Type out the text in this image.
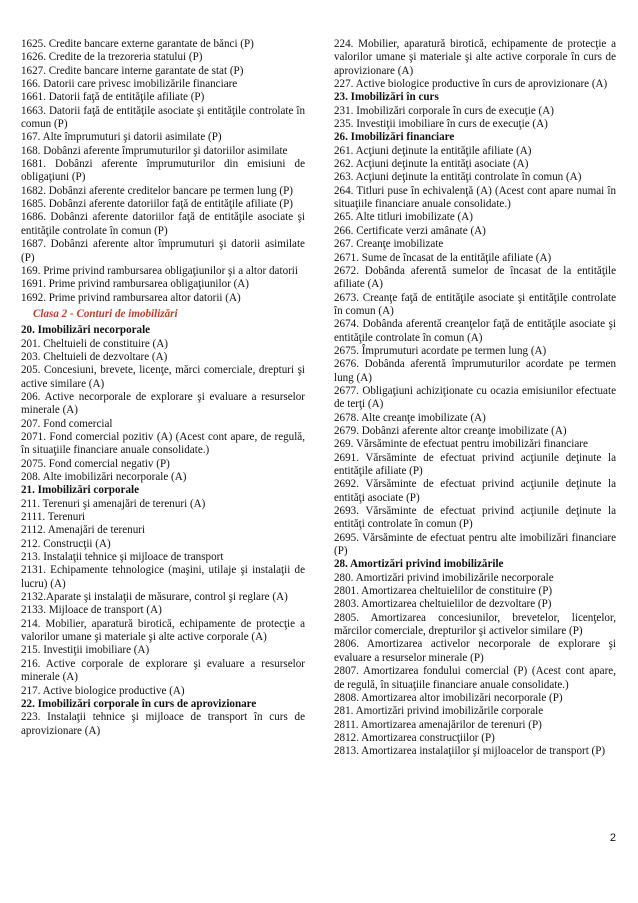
1625. Credite bancare externe garantate de bănci (P)
1626. Credite de la trezoreria statului (P)
1627. Credite bancare interne garantate de stat (P)
166. Datorii care privesc imobilizările financiare
1661. Datorii faţă de entităţile afiliate (P)
1663. Datorii faţă de entităţile asociate şi entităţile controlate în comun (P)
167. Alte împrumuturi şi datorii asimilate (P)
168. Dobânzi aferente împrumuturilor şi datoriilor asimilate
1681. Dobânzi aferente împrumuturilor din emisiuni de obligaţiuni (P)
1682. Dobânzi aferente creditelor bancare pe termen lung (P)
1685. Dobânzi aferente datoriilor faţă de entităţile afiliate (P)
1686. Dobânzi aferente datoriilor faţă de entităţile asociate şi entităţile controlate în comun (P)
1687. Dobânzi aferente altor împrumuturi şi datorii asimilate (P)
169. Prime privind rambursarea obligaţiunilor şi a altor datorii
1691. Prime privind rambursarea obligaţiunilor (A)
1692. Prime privind rambursarea altor datorii (A)
Clasa 2 - Conturi de imobilizări
20. Imobilizări necorporale
201. Cheltuieli de constituire (A)
203. Cheltuieli de dezvoltare (A)
205. Concesiuni, brevete, licenţe, mărci comerciale, drepturi şi active similare (A)
206. Active necorporale de explorare şi evaluare a resurselor minerale (A)
207. Fond comercial
2071. Fond comercial pozitiv (A) (Acest cont apare, de regulă, în situaţiile financiare anuale consolidate.)
2075. Fond comercial negativ (P)
208. Alte imobilizări necorporale (A)
21. Imobilizări corporale
211. Terenuri şi amenajări de terenuri (A)
2111. Terenuri
2112. Amenajări de terenuri
212. Construcţii (A)
213. Instalaţii tehnice şi mijloace de transport
2131. Echipamente tehnologice (maşini, utilaje şi instalaţii de lucru) (A)
2132.Aparate şi instalaţii de măsurare, control şi reglare (A)
2133. Mijloace de transport (A)
214. Mobilier, aparatură birotică, echipamente de protecţie a valorilor umane şi materiale şi alte active corporale (A)
215. Investiţii imobiliare (A)
216. Active corporale de explorare şi evaluare a resurselor minerale (A)
217. Active biologice productive (A)
22. Imobilizări corporale în curs de aprovizionare
223. Instalaţii tehnice şi mijloace de transport în curs de aprovizionare (A)
224. Mobilier, aparatură birotică, echipamente de protecţie a valorilor umane şi materiale şi alte active corporale în curs de aprovizionare (A)
227. Active biologice productive în curs de aprovizionare (A)
23. Imobilizări în curs
231. Imobilizări corporale în curs de execuţie (A)
235. Investiţii imobiliare în curs de execuţie (A)
26. Imobilizări financiare
261. Acţiuni deţinute la entităţile afiliate (A)
262. Acţiuni deţinute la entităţi asociate (A)
263. Acţiuni deţinute la entităţi controlate în comun (A)
264. Titluri puse în echivalenţă (A) (Acest cont apare numai în situaţiile financiare anuale consolidate.)
265. Alte titluri imobilizate (A)
266. Certificate verzi amânate (A)
267. Creanţe imobilizate
2671. Sume de încasat de la entităţile afiliate (A)
2672. Dobânda aferentă sumelor de încasat de la entităţile afiliate (A)
2673. Creanţe faţă de entităţile asociate şi entităţile controlate în comun (A)
2674. Dobânda aferentă creanţelor faţă de entităţile asociate şi entităţile controlate în comun (A)
2675. Împrumuturi acordate pe termen lung (A)
2676. Dobânda aferentă împrumuturilor acordate pe termen lung (A)
2677. Obligaţiuni achiziţionate cu ocazia emisiunilor efectuate de terţi (A)
2678. Alte creanţe imobilizate (A)
2679. Dobânzi aferente altor creanţe imobilizate (A)
269. Vărsăminte de efectuat pentru imobilizări financiare
2691. Vărsăminte de efectuat privind acţiunile deţinute la entităţile afiliate (P)
2692. Vărsăminte de efectuat privind acţiunile deţinute la entităţi asociate (P)
2693. Vărsăminte de efectuat privind acţiunile deţinute la entităţi controlate în comun (P)
2695. Vărsăminte de efectuat pentru alte imobilizări financiare (P)
28. Amortizări privind imobilizările
280. Amortizări privind imobilizările necorporale
2801. Amortizarea cheltuielilor de constituire (P)
2803. Amortizarea cheltuielilor de dezvoltare (P)
2805. Amortizarea concesiunilor, brevetelor, licenţelor, mărcilor comerciale, drepturilor şi activelor similare (P)
2806. Amortizarea activelor necorporale de explorare şi evaluare a resurselor minerale (P)
2807. Amortizarea fondului comercial (P) (Acest cont apare, de regulă, în situaţiile financiare anuale consolidate.)
2808. Amortizarea altor imobilizări necorporale (P)
281. Amortizări privind imobilizările corporale
2811. Amortizarea amenajărilor de terenuri (P)
2812. Amortizarea construcţiilor (P)
2813. Amortizarea instalaţiilor şi mijloacelor de transport (P)
2
